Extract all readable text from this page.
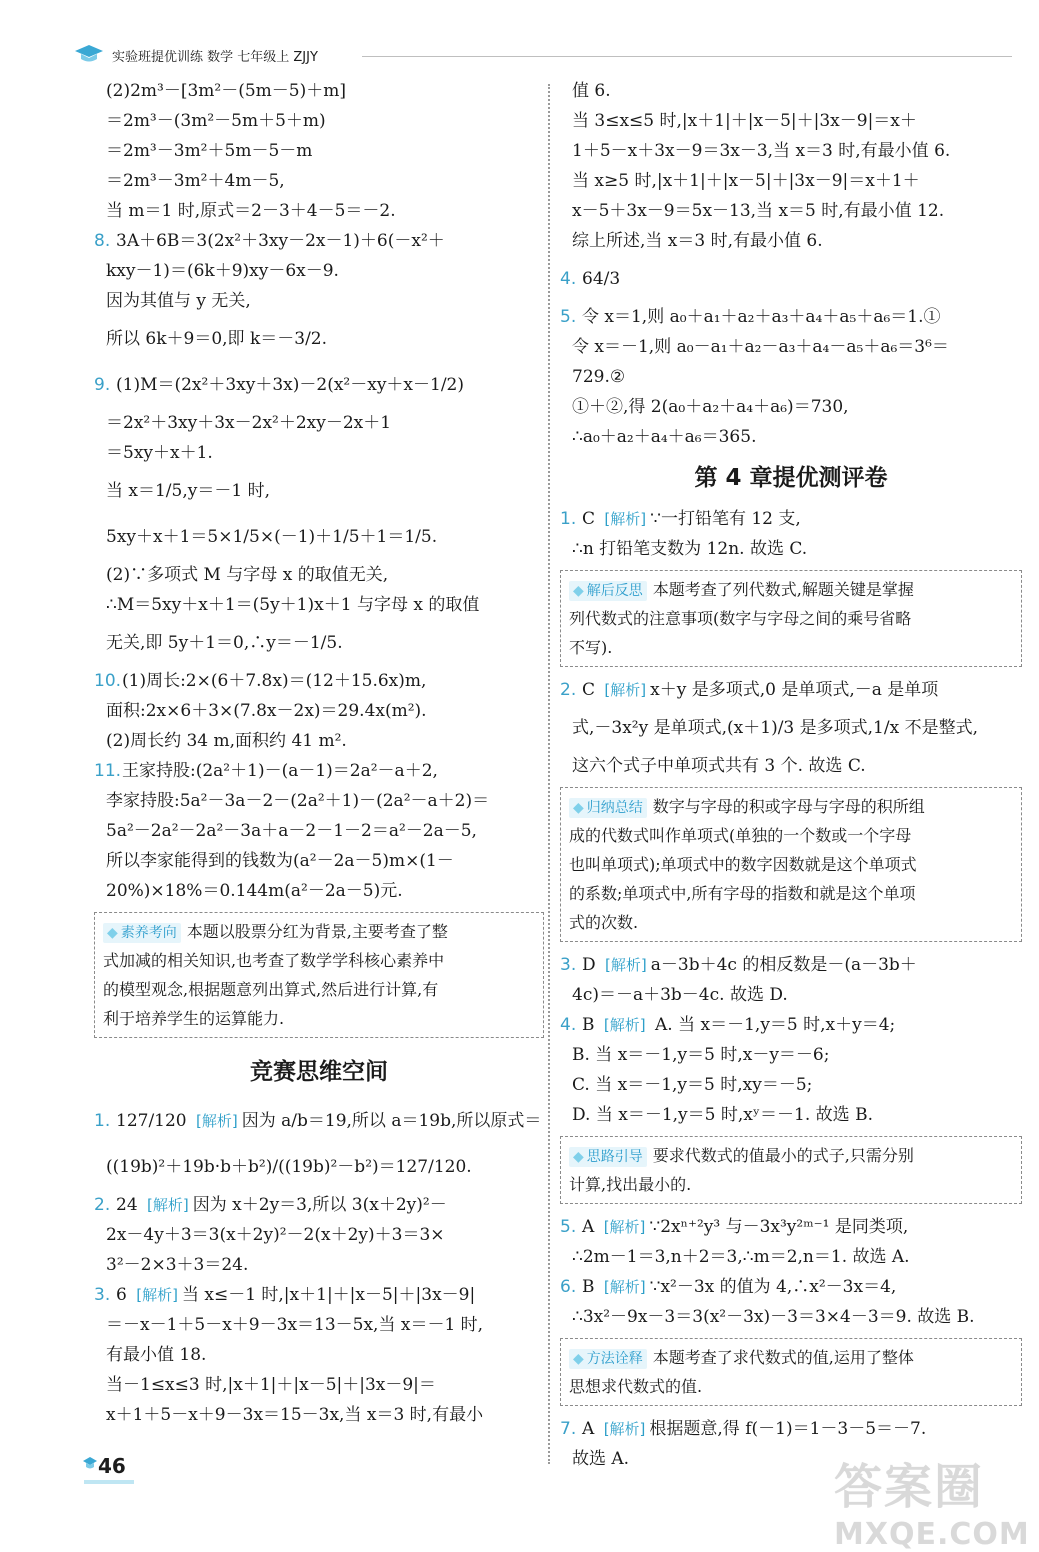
实验班提优训练 数学 七年级上 ZJJY
(2)2m³－[3m²－(5m－5)＋m]
＝2m³－(3m²－5m＋5＋m)
＝2m³－3m²＋5m－5－m
＝2m³－3m²＋4m－5,
当 m＝1 时,原式＝2－3＋4－5＝－2.
8. 3A＋6B＝3(2x²＋3xy－2x－1)＋6(－x²＋
kxy－1)＝(6k＋9)xy－6x－9.
因为其值与 y 无关,
所以 6k＋9＝0,即 k＝－3/2.
9. (1)M＝(2x²＋3xy＋3x)－2(x²－xy＋x－1/2)
＝2x²＋3xy＋3x－2x²＋2xy－2x＋1
＝5xy＋x＋1.
当 x＝1/5,y＝－1 时,
5xy＋x＋1＝5×1/5×(－1)＋1/5＋1＝1/5.
(2)∵多项式 M 与字母 x 的取值无关,
∴M＝5xy＋x＋1＝(5y＋1)x＋1 与字母 x 的取值
无关,即 5y＋1＝0,∴y＝－1/5.
10.(1)周长:2×(6＋7.8x)＝(12＋15.6x)m,
面积:2x×6＋3×(7.8x－2x)＝29.4x(m²).
(2)周长约 34 m,面积约 41 m².
11.王家持股:(2a²＋1)－(a－1)＝2a²－a＋2,
李家持股:5a²－3a－2－(2a²＋1)－(2a²－a＋2)＝
5a²－2a²－2a²－3a＋a－2－1－2＝a²－2a－5,
所以李家能得到的钱数为(a²－2a－5)m×(1－
20%)×18%＝0.144m(a²－2a－5)元.
◆ 素养考向 本题以股票分红为背景,主要考查了整
式加减的相关知识,也考查了数学学科核心素养中
的模型观念,根据题意列出算式,然后进行计算,有
利于培养学生的运算能力.
竞赛思维空间
1. 127/120 [解析] 因为 a/b＝19,所以 a＝19b,所以原式＝
((19b)²＋19b·b＋b²)/((19b)²－b²)＝127/120.
2. 24 [解析] 因为 x＋2y＝3,所以 3(x＋2y)²－
2x－4y＋3＝3(x＋2y)²－2(x＋2y)＋3＝3×
3²－2×3＋3＝24.
3. 6 [解析] 当 x≤－1 时,|x＋1|＋|x－5|＋|3x－9|
＝－x－1＋5－x＋9－3x＝13－5x,当 x＝－1 时,
有最小值 18.
当－1≤x≤3 时,|x＋1|＋|x－5|＋|3x－9|＝
x＋1＋5－x＋9－3x＝15－3x,当 x＝3 时,有最小
值 6.
当 3≤x≤5 时,|x＋1|＋|x－5|＋|3x－9|＝x＋
1＋5－x＋3x－9＝3x－3,当 x＝3 时,有最小值 6.
当 x≥5 时,|x＋1|＋|x－5|＋|3x－9|＝x＋1＋
x－5＋3x－9＝5x－13,当 x＝5 时,有最小值 12.
综上所述,当 x＝3 时,有最小值 6.
4. 64/3
5. 令 x＝1,则 a₀＋a₁＋a₂＋a₃＋a₄＋a₅＋a₆＝1.①
令 x＝－1,则 a₀－a₁＋a₂－a₃＋a₄－a₅＋a₆＝3⁶＝
729.②
①＋②,得 2(a₀＋a₂＋a₄＋a₆)＝730,
∴a₀＋a₂＋a₄＋a₆＝365.
第 4 章提优测评卷
1. C [解析] ∵一打铅笔有 12 支,
∴n 打铅笔支数为 12n. 故选 C.
◆ 解后反思 本题考查了列代数式,解题关键是掌握
列代数式的注意事项(数字与字母之间的乘号省略
不写).
2. C [解析] x＋y 是多项式,0 是单项式,－a 是单项
式,－3x²y 是单项式,(x＋1)/3 是多项式,1/x 不是整式,
这六个式子中单项式共有 3 个. 故选 C.
◆ 归纳总结 数字与字母的积或字母与字母的积所组
成的代数式叫作单项式(单独的一个数或一个字母
也叫单项式);单项式中的数字因数就是这个单项式
的系数;单项式中,所有字母的指数和就是这个单项
式的次数.
3. D [解析] a－3b＋4c 的相反数是－(a－3b＋
4c)＝－a＋3b－4c. 故选 D.
4. B [解析] A. 当 x＝－1,y＝5 时,x＋y＝4;
B. 当 x＝－1,y＝5 时,x－y＝－6;
C. 当 x＝－1,y＝5 时,xy＝－5;
D. 当 x＝－1,y＝5 时,xʸ＝－1. 故选 B.
◆ 思路引导 要求代数式的值最小的式子,只需分别
计算,找出最小的.
5. A [解析] ∵2xⁿ⁺²y³ 与－3x³y²ᵐ⁻¹ 是同类项,
∴2m－1＝3,n＋2＝3,∴m＝2,n＝1. 故选 A.
6. B [解析] ∵x²－3x 的值为 4,∴x²－3x＝4,
∴3x²－9x－3＝3(x²－3x)－3＝3×4－3＝9. 故选 B.
◆ 方法诠释 本题考查了求代数式的值,运用了整体
思想求代数式的值.
7. A [解析] 根据题意,得 f(－1)＝1－3－5＝－7.
故选 A.
46	答案圈
MXQE.COM
